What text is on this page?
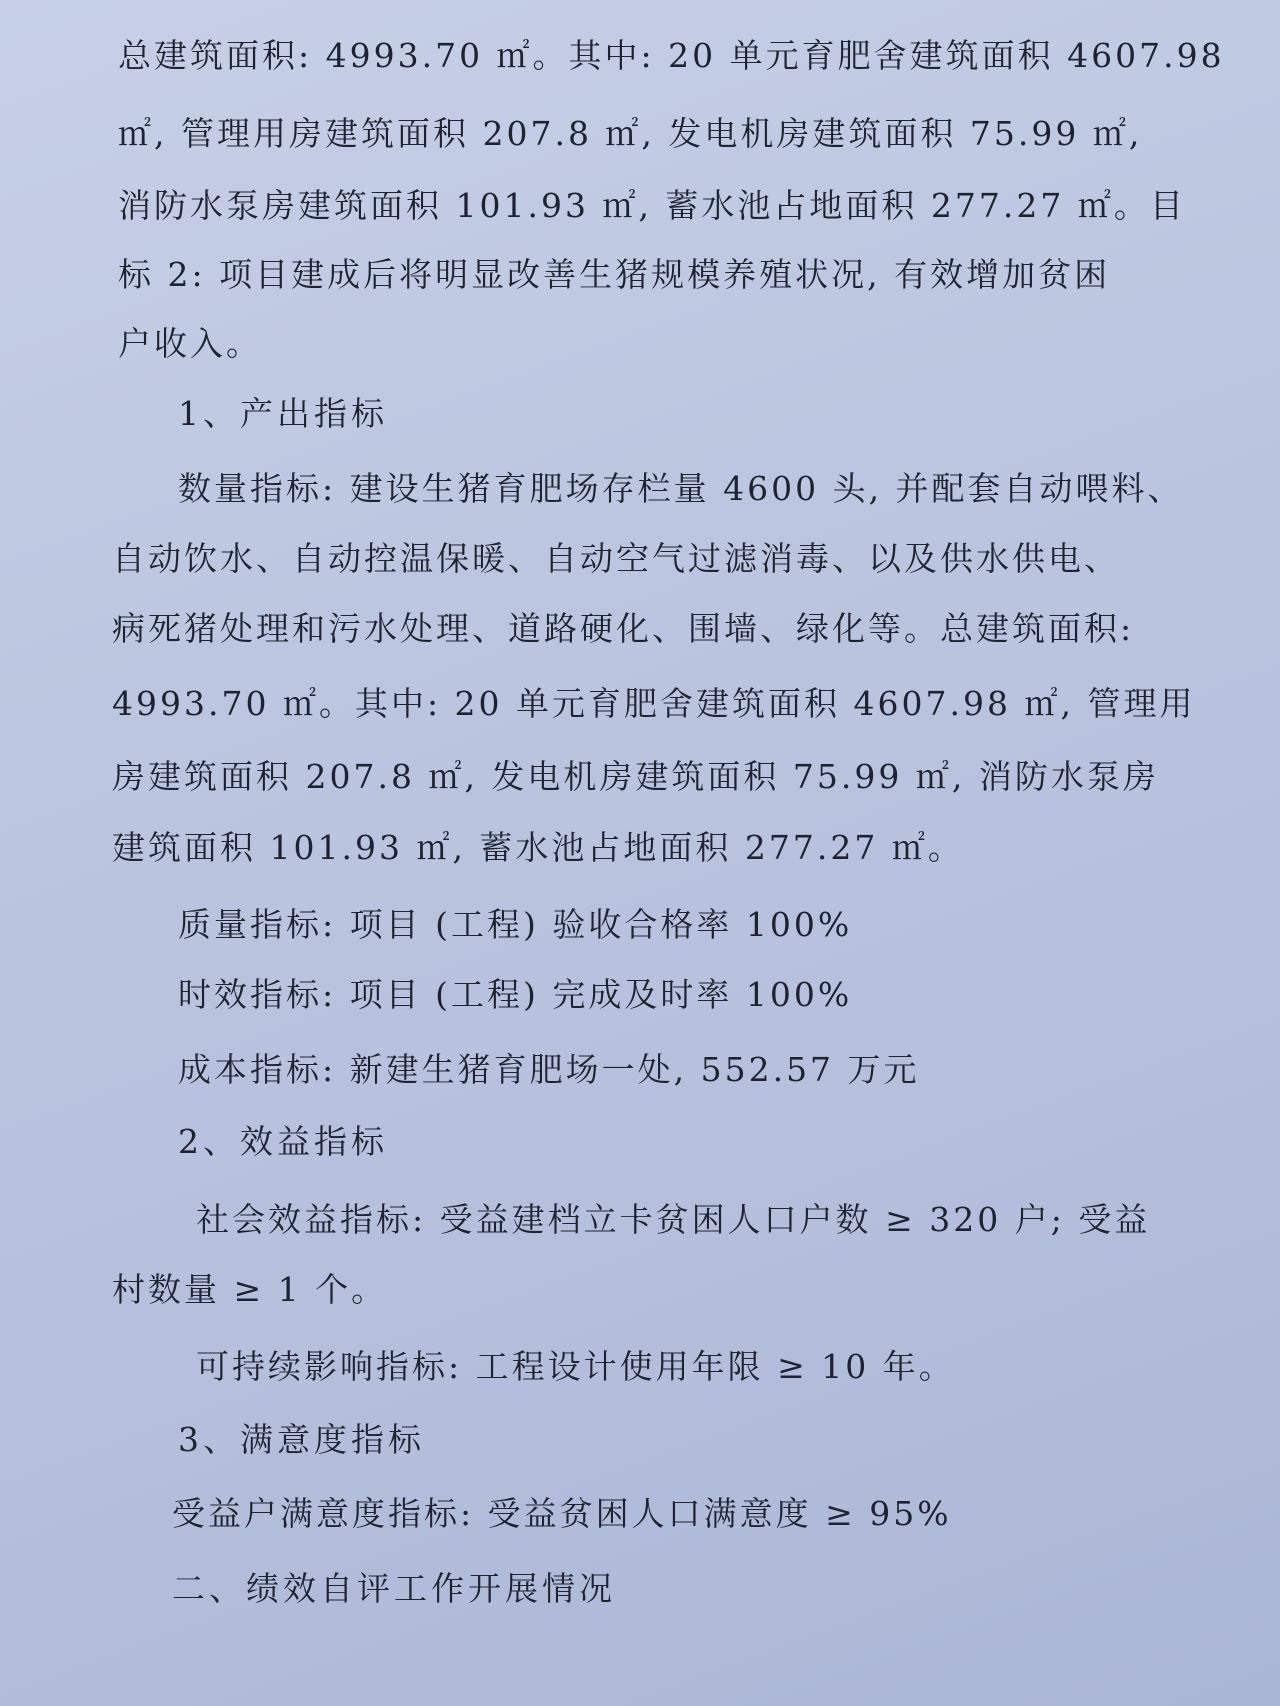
总建筑面积: 4993.70 ㎡。其中: 20 单元育肥舍建筑面积 4607.98
㎡, 管理用房建筑面积 207.8 ㎡, 发电机房建筑面积 75.99 ㎡,
消防水泵房建筑面积 101.93 ㎡, 蓄水池占地面积 277.27 ㎡。目
标 2: 项目建成后将明显改善生猪规模养殖状况, 有效增加贫困
户收入。
1、产出指标
数量指标: 建设生猪育肥场存栏量 4600 头, 并配套自动喂料、
自动饮水、自动控温保暖、自动空气过滤消毒、以及供水供电、
病死猪处理和污水处理、道路硬化、围墙、绿化等。总建筑面积:
4993.70 ㎡。其中: 20 单元育肥舍建筑面积 4607.98 ㎡, 管理用
房建筑面积 207.8 ㎡, 发电机房建筑面积 75.99 ㎡, 消防水泵房
建筑面积 101.93 ㎡, 蓄水池占地面积 277.27 ㎡。
质量指标: 项目 (工程) 验收合格率 100%
时效指标: 项目 (工程) 完成及时率 100%
成本指标: 新建生猪育肥场一处, 552.57 万元
2、效益指标
社会效益指标: 受益建档立卡贫困人口户数 ≥ 320 户; 受益
村数量 ≥ 1 个。
可持续影响指标: 工程设计使用年限 ≥ 10 年。
3、满意度指标
受益户满意度指标: 受益贫困人口满意度 ≥ 95%
二、绩效自评工作开展情况
